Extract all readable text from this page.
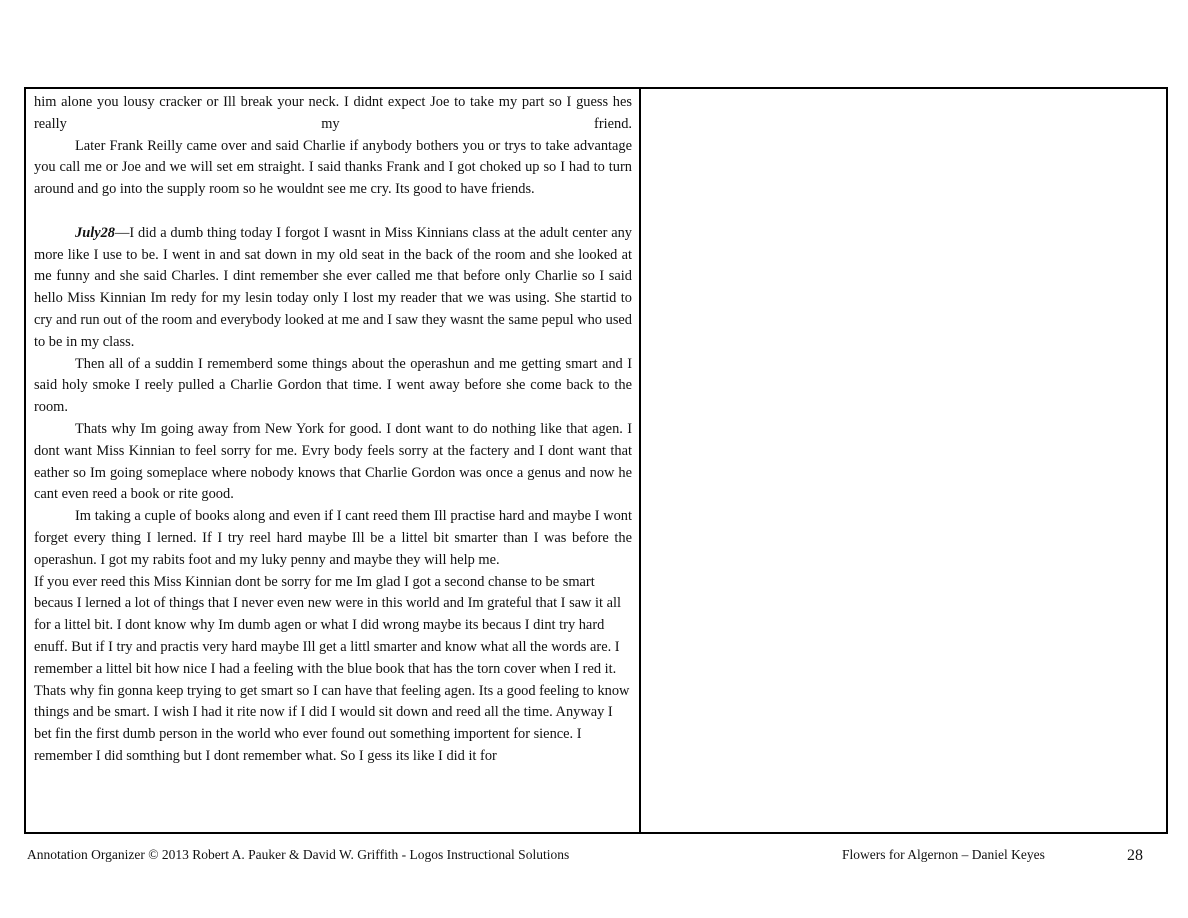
him alone you lousy cracker or Ill break your neck. I didnt expect Joe to take my part so I guess hes really my friend.

Later Frank Reilly came over and said Charlie if anybody bothers you or trys to take advantage you call me or Joe and we will set em straight. I said thanks Frank and I got choked up so I had to turn around and go into the supply room so he wouldnt see me cry. Its good to have friends.

July28—I did a dumb thing today I forgot I wasnt in Miss Kinnians class at the adult center any more like I use to be. I went in and sat down in my old seat in the back of the room and she looked at me funny and she said Charles. I dint remember she ever called me that before only Charlie so I said hello Miss Kinnian Im redy for my lesin today only I lost my reader that we was using. She startid to cry and run out of the room and everybody looked at me and I saw they wasnt the same pepul who used to be in my class.

Then all of a suddin I rememberd some things about the operashun and me getting smart and I said holy smoke I reely pulled a Charlie Gordon that time. I went away before she come back to the room.

Thats why Im going away from New York for good. I dont want to do nothing like that agen. I dont want Miss Kinnian to feel sorry for me. Evry body feels sorry at the factery and I dont want that eather so Im going someplace where nobody knows that Charlie Gordon was once a genus and now he cant even reed a book or rite good.

Im taking a cuple of books along and even if I cant reed them Ill practise hard and maybe I wont forget every thing I lerned. If I try reel hard maybe Ill be a littel bit smarter than I was before the operashun. I got my rabits foot and my luky penny and maybe they will help me.

If you ever reed this Miss Kinnian dont be sorry for me Im glad I got a second chanse to be smart becaus I lerned a lot of things that I never even new were in this world and Im grateful that I saw it all for a littel bit. I dont know why Im dumb agen or what I did wrong maybe its becaus I dint try hard enuff. But if I try and practis very hard maybe Ill get a littl smarter and know what all the words are. I remember a littel bit how nice I had a feeling with the blue book that has the torn cover when I red it. Thats why fin gonna keep trying to get smart so I can have that feeling agen. Its a good feeling to know things and be smart. I wish I had it rite now if I did I would sit down and reed all the time. Anyway I bet fin the first dumb person in the world who ever found out something importent for sience. I remember I did somthing but I dont remember what. So I gess its like I did it for

Annotation Organizer © 2013 Robert A. Pauker & David W. Griffith - Logos Instructional Solutions	Flowers for Algernon – Daniel Keyes	28
